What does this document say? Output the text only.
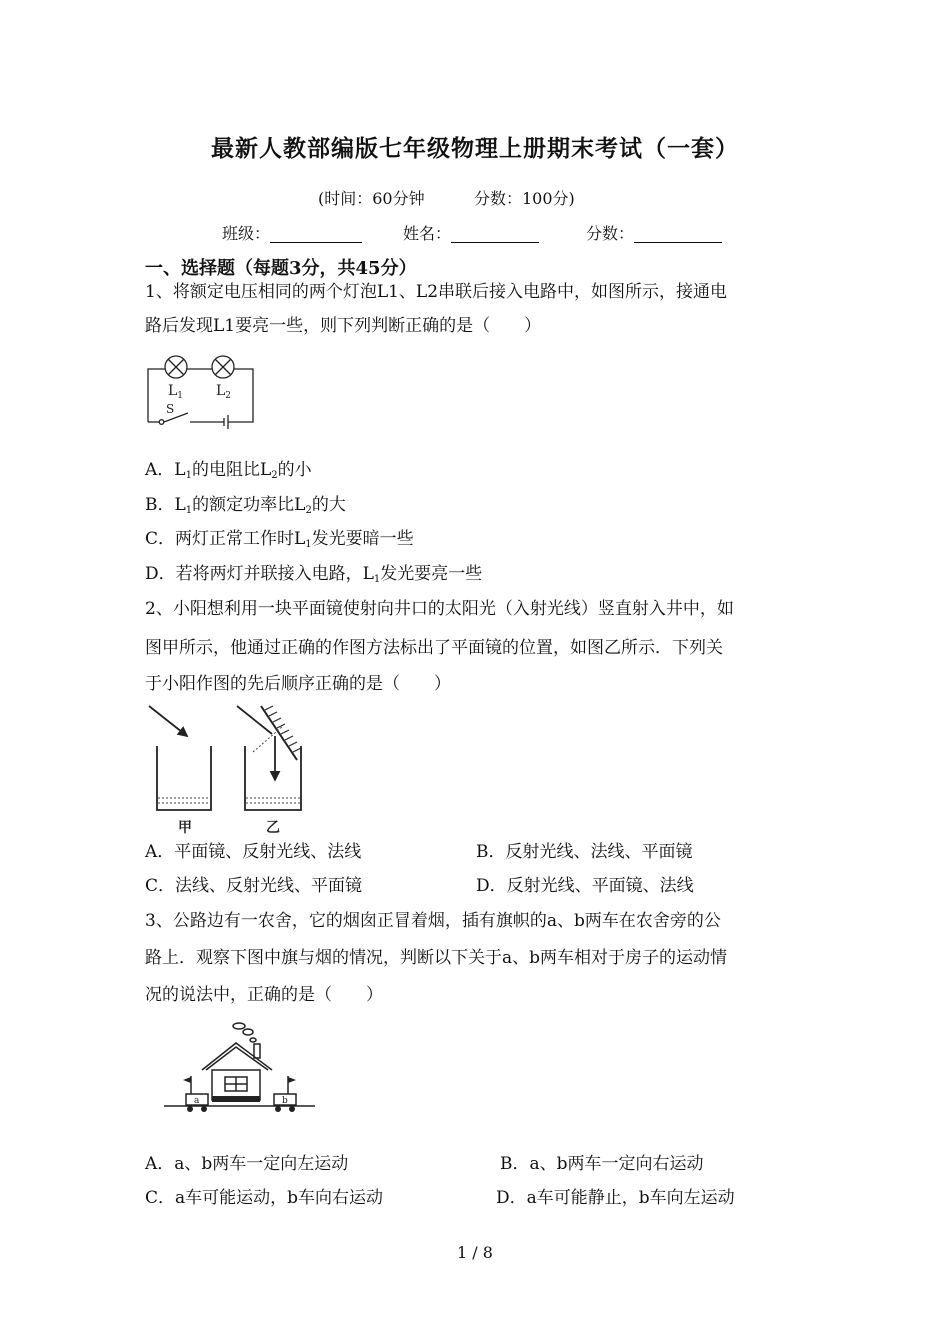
最新人教部编版七年级物理上册期末考试（一套）
(时间：60分钟	分数：100分)
班级：	姓名：	分数：
一、选择题（每题3分，共45分）
1、将额定电压相同的两个灯泡L1、L2串联后接入电路中，如图所示，接通电
路后发现L1要亮一些，则下列判断正确的是（　　）
$L_1$ $L_2$
S
A．$L_1$的电阻比$L_2$的小
B．$L_1$的额定功率比$L_2$的大
C．两灯正常工作时$L_1$发光要暗一些
D．若将两灯并联接入电路，$L_1$发光要亮一些
2、小阳想利用一块平面镜使射向井口的太阳光（入射光线）竖直射入井中，如
图甲所示，他通过正确的作图方法标出了平面镜的位置，如图乙所示．下列关
于小阳作图的先后顺序正确的是（　　）
甲	乙
A．平面镜、反射光线、法线	B．反射光线、法线、平面镜
C．法线、反射光线、平面镜	D．反射光线、平面镜、法线
3、公路边有一农舍，它的烟囱正冒着烟，插有旗帜的a、b两车在农舍旁的公
路上．观察下图中旗与烟的情况，判断以下关于a、b两车相对于房子的运动情
况的说法中，正确的是（　　）
a	b
A．a、b两车一定向左运动	B．a、b两车一定向右运动
C．a车可能运动，b车向右运动	D．a车可能静止，b车向左运动
1 / 8
